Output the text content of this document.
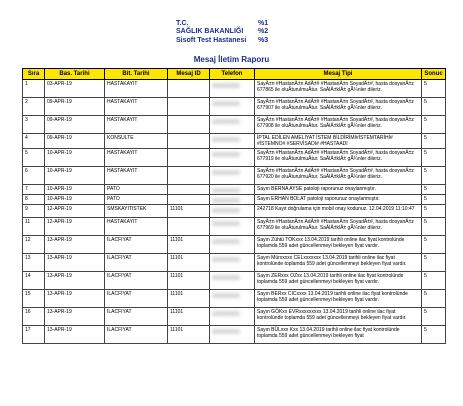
T.C.	%1
SAĞLIK BAKANLIĞI %2
Sisoft Test Hastanesi %3
Mesaj İletim Raporu
Sıra	Bas. Tarihi	Bit. Tarihi	Mesaj ID	Telefon	Mesaj Tipi	Sonuc
1	03-APR-19	HASTAKAYIT			SayÄ±n #HastanÄ±n AdÄ±# #HastanÄ±n SoyadÄ±#, hasta dosyanÄ±z 677865 ile oluÅturulmuÅtur. SaÄlÄ±klÄ± gÃ¼nler dileriz.	5
2	09-APR-19	HASTAKAYIT			SayÄ±n #HastanÄ±n AdÄ±# #HastanÄ±n SoyadÄ±#, hasta dosyanÄ±z 677907 ile oluÅturulmuÅtur. SaÄlÄ±klÄ± gÃ¼nler dileriz.	5
3	09-APR-19	HASTAKAYIT			SayÄ±n #HastanÄ±n AdÄ±# #HastanÄ±n SoyadÄ±#, hasta dosyanÄ±z 677908 ile oluÅturulmuÅtur. SaÄlÄ±klÄ± gÃ¼nler dileriz.	5
4	09-APR-19	KONSULTE			İPTAL EDİLEN AMELİYAT İSTEM BİLDİRİMİ#İSTEMTARİHİ# #İSTEMNO# #SERVİSADI# #HASTAADI	5
5	10-APR-19	HASTAKAYIT			SayÄ±n #HastanÄ±n AdÄ±# #HastanÄ±n SoyadÄ±#, hasta dosyanÄ±z 677919 ile oluÅturulmuÅtur. SaÄlÄ±klÄ± gÃ¼nler dileriz.	5
6	10-APR-19	HASTAKAYIT			SayÄ±n #HastanÄ±n AdÄ±# #HastanÄ±n SoyadÄ±#, hasta dosyanÄ±z 677920 ile oluÅturulmuÅtur. SaÄlÄ±klÄ± gÃ¼nler dileriz.	5
7	10-APR-19	PATO			Sayın BERNA AYSE patoloji raporunuz onaylanmıştır.	5
8	10-APR-19	PATO			Sayın ERHAN BOLAT patoloji raporunuz onaylanmıştır.	5
9	12-APR-19	SMSKAYITISTEK	11101		242718 Kayıt doğrulama için mobil onay kodunuz. 12.04.2019 11:10:47	5
11	12-APR-19	HASTAKAYIT			SayÄ±n #HastanÄ±n AdÄ±# #HastanÄ±n SoyadÄ±#, hasta dosyanÄ±z 677969 ile oluÅturulmuÅtur. SaÄlÄ±klÄ± gÃ¼nler dileriz.	5
12	13-APR-19	ILACFIYAT	11101		Sayın Zühtü TOKxxx 13.04.2019 tarihli online ilac fiyat kontrolünde toplamda 559 adet güncellenmeyi bekleyen fiyat vardır.	5
13	13-APR-19	ILACFIYAT	11101		Sayın Mürxxxxx CELxxxxxxx 13.04.2019 tarihli online ilac fiyat kontrolünde toplamda 559 adet güncellenmeyi bekleyen fiyat vardır.	5
14	13-APR-19	ILACFIYAT	11101		Sayın ZERxxx OZxx 13.04.2019 tarihli online ilac fiyat kontrolünde toplamda 559 adet güncellenmeyi bekleyen fiyat vardır.	5
15	13-APR-19	ILACFIYAT	11101		Sayın BERxx CICxxxx 13.04.2019 tarihli online ilac fiyat kontrolünde toplamda 559 adet güncellenmeyi bekleyen fiyat vardır.	5
16	13-APR-19	ILACFIYAT	11101		Sayın GÖKxx EVRxxxxxxxxx 13.04.2019 tarihli online ilac fiyat kontrolünde toplamda 559 adet güncellenmeyi bekleyen fiyat vardır.	5
17	13-APR-19	ILACFIYAT	11101		Sayın BÜLxxx Kxx 13.04.2019 tarihli online ilac fiyat kontrolünde toplamda 559 adet güncellenmeyi bekleyen fiyat	5
